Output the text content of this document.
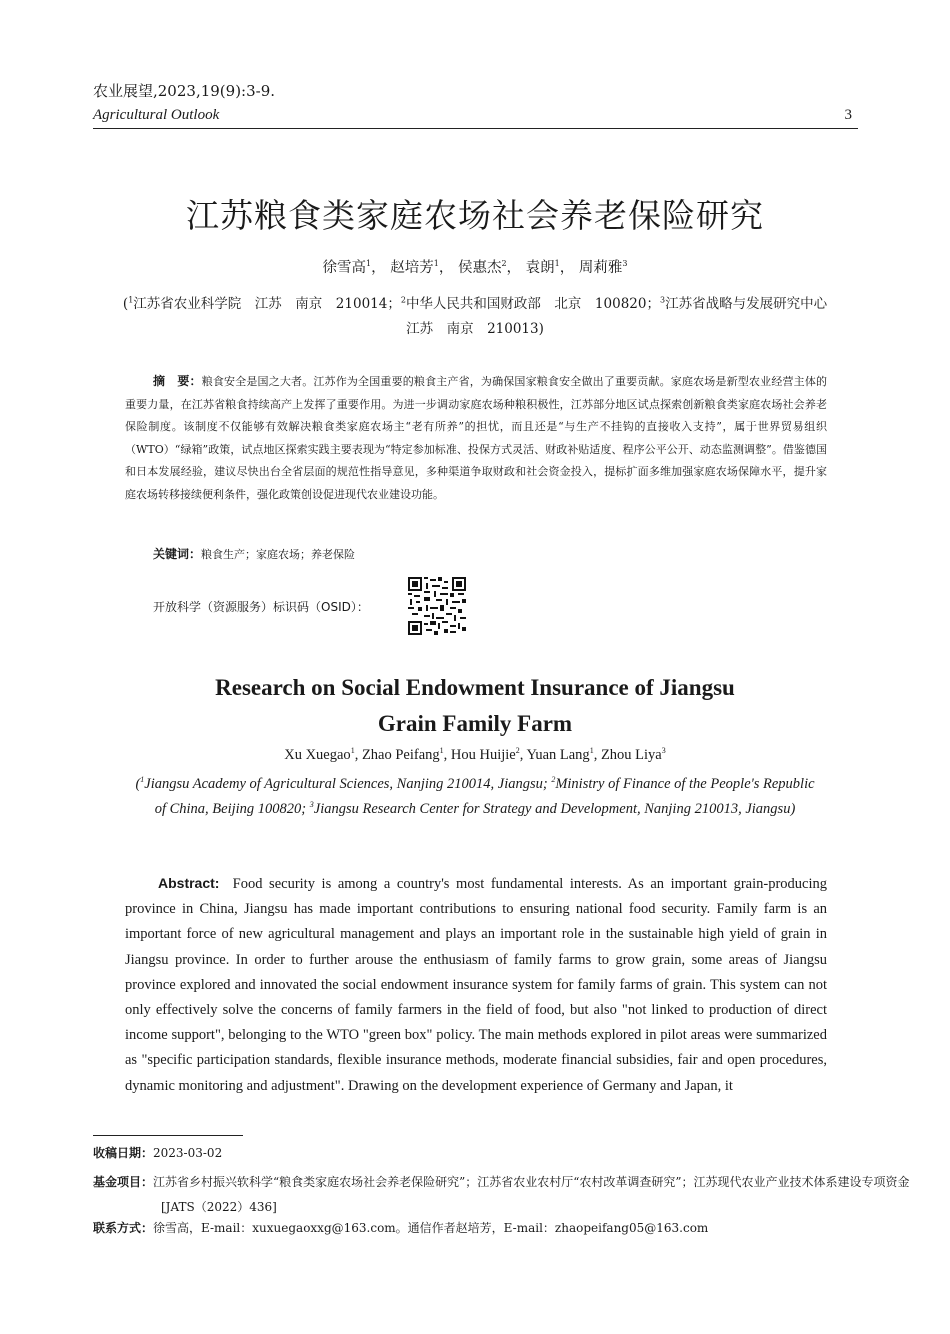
农业展望,2023,19(9):3-9.
Agricultural Outlook	3
江苏粮食类家庭农场社会养老保险研究
徐雪高$^1$， 赵培芳$^1$， 侯惠杰$^2$， 袁朗$^1$， 周莉雅$^3$
($^1$江苏省农业科学院　江苏　南京　210014；$^2$中华人民共和国财政部　北京　100820；$^3$江苏省战略与发展研究中心　江苏　南京　210013)
摘　要：粮食安全是国之大者。江苏作为全国重要的粮食主产省，为确保国家粮食安全做出了重要贡献。家庭农场是新型农业经营主体的重要力量，在江苏省粮食持续高产上发挥了重要作用。为进一步调动家庭农场种粮积极性，江苏部分地区试点探索创新粮食类家庭农场社会养老保险制度。该制度不仅能够有效解决粮食类家庭农场主“老有所养”的担忧，而且还是“与生产不挂钩的直接收入支持”，属于世界贸易组织（WTO）“绿箱”政策，试点地区探索实践主要表现为“特定参加标准、投保方式灵活、财政补贴适度、程序公平公开、动态监测调整”。借鉴德国和日本发展经验，建议尽快出台全省层面的规范性指导意见，多种渠道争取财政和社会资金投入，提标扩面多维加强家庭农场保障水平，提升家庭农场转移接续便利条件，强化政策创设促进现代农业建设功能。
关键词：粮食生产；家庭农场；养老保险
开放科学（资源服务）标识码（OSID）：
Research on Social Endowment Insurance of Jiangsu
Grain Family Farm
Xu Xuegao$^1$, Zhao Peifang$^1$, Hou Huijie$^2$, Yuan Lang$^1$, Zhou Liya$^3$
($^1$Jiangsu Academy of Agricultural Sciences, Nanjing 210014, Jiangsu; $^2$Ministry of Finance of the People's Republic of China, Beijing 100820; $^3$Jiangsu Research Center for Strategy and Development, Nanjing 210013, Jiangsu)
Abstract: Food security is among a country's most fundamental interests. As an important grain-producing province in China, Jiangsu has made important contributions to ensuring national food security. Family farm is an important force of new agricultural management and plays an important role in the sustainable high yield of grain in Jiangsu province. In order to further arouse the enthusiasm of family farms to grow grain, some areas of Jiangsu province explored and innovated the social endowment insurance system for family farms of grain. This system can not only effectively solve the concerns of family farmers in the field of food, but also "not linked to production of direct income support", belonging to the WTO "green box" policy. The main methods explored in pilot areas were summarized as "specific participation standards, flexible insurance methods, moderate financial subsidies, fair and open procedures, dynamic monitoring and adjustment". Drawing on the development experience of Germany and Japan, it
收稿日期：2023-03-02
基金项目：江苏省乡村振兴软科学“粮食类家庭农场社会养老保险研究”；江苏省农业农村厅“农村改革调查研究”；江苏现代农业产业技术体系建设专项资金 [JATS（2022）436]
联系方式：徐雪高，E-mail：xuxuegaoxxg@163.com。通信作者赵培芳，E-mail：zhaopeifang05@163.com
